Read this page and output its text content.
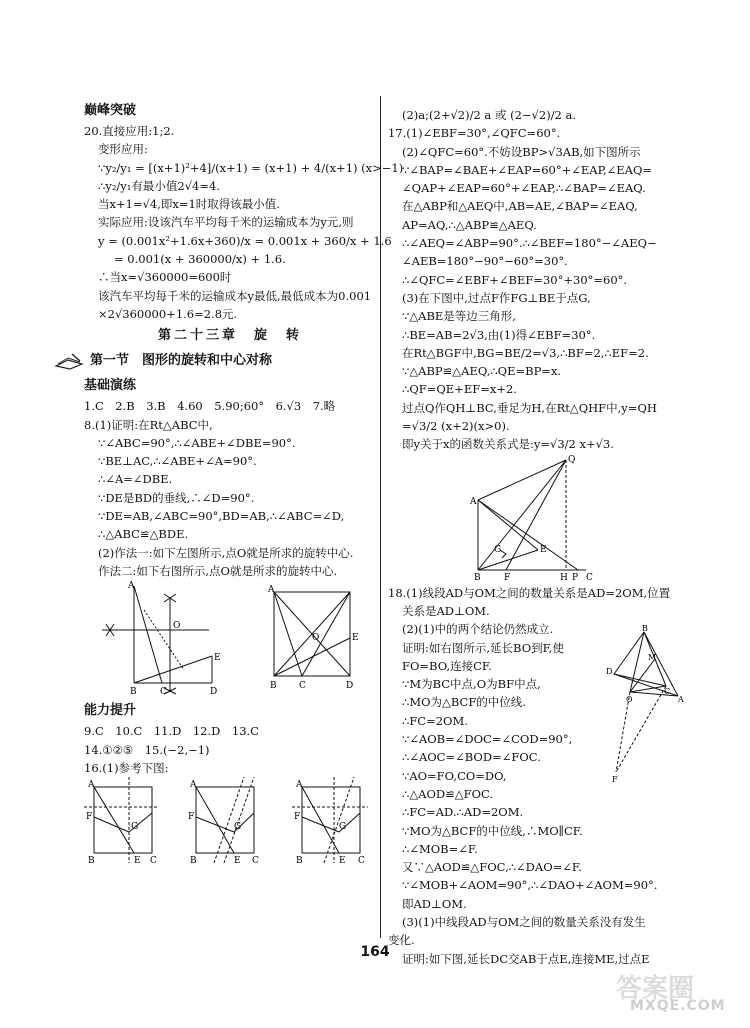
巅峰突破
20.直接应用:1;2.
变形应用:
∵y₂/y₁ = [(x+1)²+4]/(x+1) = (x+1) + 4/(x+1) (x>−1)
∴y₂/y₁有最小值2√4=4.
当x+1=√4,即x=1时取得该最小值.
实际应用:设该汽车平均每千米的运输成本为y元,则
y = (0.001x²+1.6x+360)/x = 0.001x + 360/x + 1.6
= 0.001(x + 360000/x) + 1.6.
∴当x=√360000=600时
该汽车平均每千米的运输成本y最低,最低成本为0.001
×2√360000+1.6=2.8元.
第二十三章　旋　转
第一节　图形的旋转和中心对称
基础演练
1.C　2.B　3.B　4.60　5.90;60°　6.√3　7.略
8.(1)证明:在Rt△ABC中,
∵∠ABC=90°,∴∠ABE+∠DBE=90°.
∵BE⊥AC,∴∠ABE+∠A=90°.
∴∠A=∠DBE.
∵DE是BD的垂线,∴∠D=90°.
∵DE=AB,∠ABC=90°,BD=AB,∴∠ABC=∠D,
∴△ABC≌△BDE.
(2)作法一:如下左图所示,点O就是所求的旋转中心.
作法二:如下右图所示,点O就是所求的旋转中心.
A
O
E
B	C	D
A
O	E
B C	D
能力提升
9.C　10.C　11.D　12.D　13.C
14.①②⑤　15.(−2,−1)
16.(1)参考下图:
A
F
G
B	E C
A
F
G
B	E C
A
F
G
B	E C
(2)a;(2+√2)/2 a 或 (2−√2)/2 a.
17.(1)∠EBF=30°,∠QFC=60°.
(2)∠QFC=60°.不妨设BP>√3AB,如下图所示
∵∠BAP=∠BAE+∠EAP=60°+∠EAP,∠EAQ=
∠QAP+∠EAP=60°+∠EAP,∴∠BAP=∠EAQ.
在△ABP和△AEQ中,AB=AE,∠BAP=∠EAQ,
AP=AQ,∴△ABP≌△AEQ.
∴∠AEQ=∠ABP=90°.∴∠BEF=180°−∠AEQ−
∠AEB=180°−90°−60°=30°.
∴∠QFC=∠EBF+∠BEF=30°+30°=60°.
(3)在下图中,过点F作FG⊥BE于点G,
∵△ABE是等边三角形,
∴BE=AB=2√3,由(1)得∠EBF=30°.
在Rt△BGF中,BG=BE/2=√3,∴BF=2,∴EF=2.
∵△ABP≌△AEQ,∴QE=BP=x.
∴QF=QE+EF=x+2.
过点Q作QH⊥BC,垂足为H,在Rt△QHF中,y=QH
=√3/2 (x+2)(x>0).
即y关于x的函数关系式是:y=√3/2 x+√3.
A
Q
E
G
B	F	H P C
18.(1)线段AD与OM之间的数量关系是AD=2OM,位置
关系是AD⊥OM.
(2)(1)中的两个结论仍然成立.
证明:如右图所示,延长BO到F,使
FO=BO,连接CF.
∵M为BC中点,O为BF中点,
∴MO为△BCF的中位线.
∴FC=2OM.
∵∠AOB=∠DOC=∠COD=90°,
∴∠AOC=∠BOD=∠FOC.
∵AO=FO,CO=DO,
∴△AOD≌△FOC.
∴FC=AD.∴AD=2OM.
∵MO为△BCF的中位线,∴MO∥CF.
∴∠MOB=∠F.
又∵△AOD≌△FOC,∴∠DAO=∠F.
∵∠MOB+∠AOM=90°,∴∠DAO+∠AOM=90°.
即AD⊥OM.
(3)(1)中线段AD与OM之间的数量关系没有发生
变化.
证明:如下图,延长DC交AB于点E,连接ME,过点E
B
M
D
O
C
A
F
164
答案圈
MXQE.COM
